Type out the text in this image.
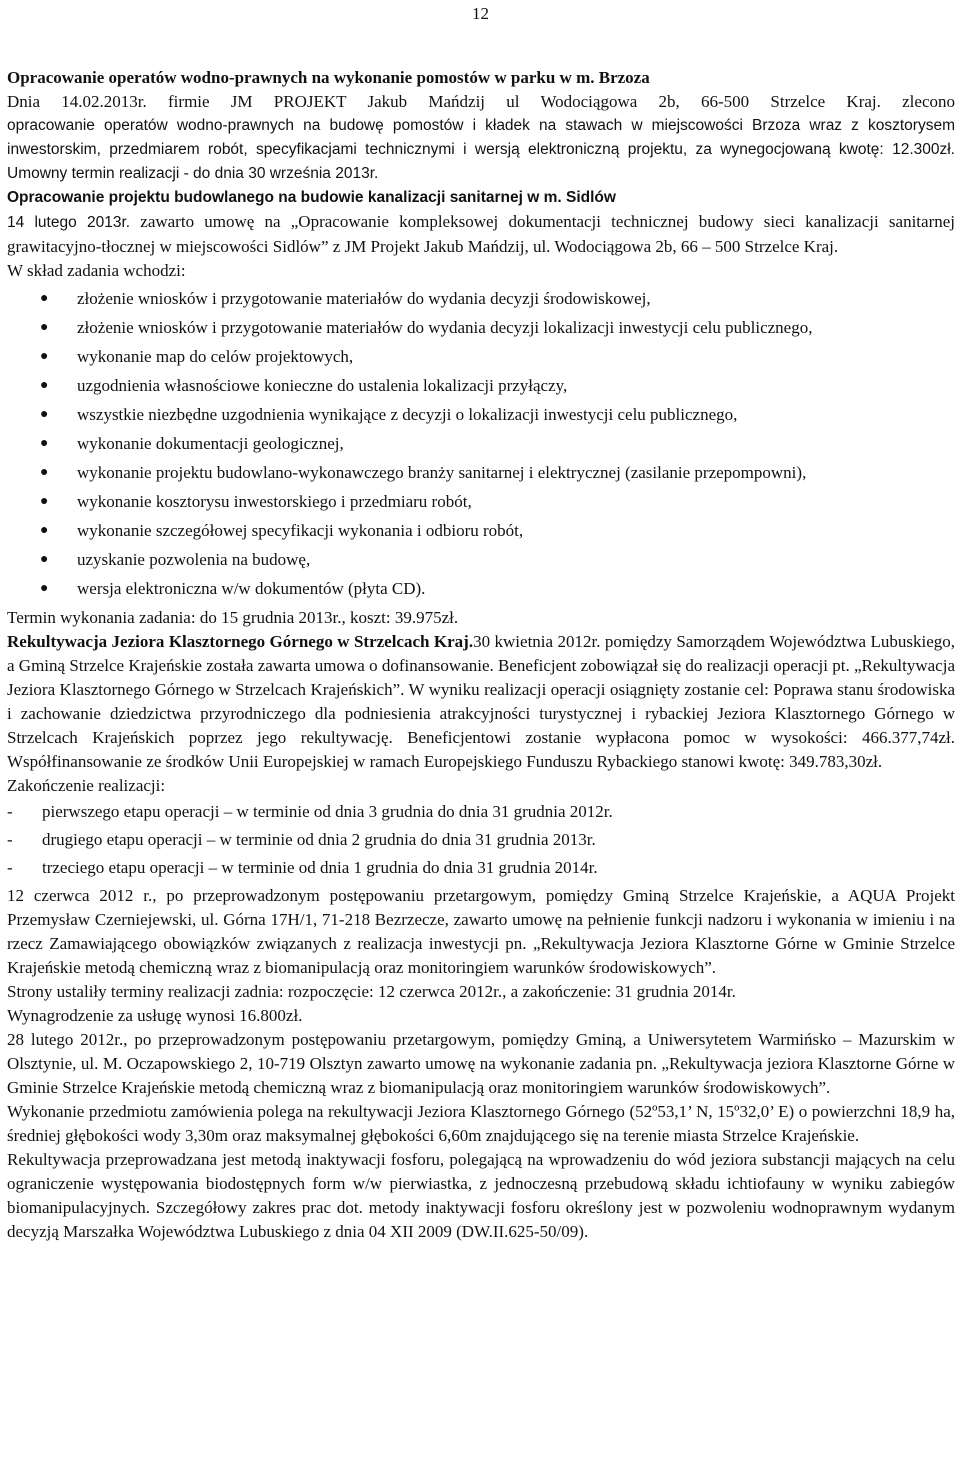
12

Opracowanie operatów wodno-prawnych na wykonanie pomostów w parku w m. Brzoza

Dnia 14.02.2013r. firmie JM PROJEKT Jakub Mańdzij ul Wodociągowa 2b, 66-500 Strzelce Kraj. zlecono

opracowanie operatów wodno-prawnych na budowę pomostów i kładek na stawach w miejscowości Brzoza wraz z kosztorysem inwestorskim, przedmiarem robót, specyfikacjami technicznymi i wersją elektroniczną projektu, za wynegocjowaną kwotę: 12.300zł. Umowny termin realizacji - do dnia 30 września 2013r.

Opracowanie projektu budowlanego na budowie kanalizacji sanitarnej w m. Sidlów

14 lutego 2013r. zawarto umowę na „Opracowanie kompleksowej dokumentacji technicznej budowy sieci kanalizacji sanitarnej grawitacyjno-tłocznej w miejscowości Sidlów” z JM Projekt Jakub Mańdzij, ul. Wodociągowa 2b, 66 – 500 Strzelce Kraj.

W skład zadania wchodzi:

● złożenie wniosków i przygotowanie materiałów do wydania decyzji środowiskowej,
● złożenie wniosków i przygotowanie materiałów do wydania decyzji lokalizacji inwestycji celu publicznego,
● wykonanie map do celów projektowych,
● uzgodnienia własnościowe konieczne do ustalenia lokalizacji przyłączy,
● wszystkie niezbędne uzgodnienia wynikające z decyzji o lokalizacji inwestycji celu publicznego,
● wykonanie dokumentacji geologicznej,
● wykonanie projektu budowlano-wykonawczego branży sanitarnej i elektrycznej (zasilanie przepompowni),
● wykonanie kosztorysu inwestorskiego i przedmiaru robót,
● wykonanie szczegółowej specyfikacji wykonania i odbioru robót,
● uzyskanie pozwolenia na budowę,
● wersja elektroniczna w/w dokumentów (płyta CD).

Termin wykonania zadania: do 15 grudnia 2013r., koszt: 39.975zł.

Rekultywacja Jeziora Klasztornego Górnego w Strzelcach Kraj.30 kwietnia 2012r. pomiędzy Samorządem Województwa Lubuskiego, a Gminą Strzelce Krajeńskie została zawarta umowa o dofinansowanie. Beneficjent zobowiązał się do realizacji operacji pt. „Rekultywacja Jeziora Klasztornego Górnego w Strzelcach Krajeńskich”. W wyniku realizacji operacji osiągnięty zostanie cel: Poprawa stanu środowiska i zachowanie dziedzictwa przyrodniczego dla podniesienia atrakcyjności turystycznej i rybackiej Jeziora Klasztornego Górnego w Strzelcach Krajeńskich poprzez jego rekultywację. Beneficjentowi zostanie wypłacona pomoc w wysokości: 466.377,74zł. Współfinansowanie ze środków Unii Europejskiej w ramach Europejskiego Funduszu Rybackiego stanowi kwotę: 349.783,30zł.

Zakończenie realizacji:

- pierwszego etapu operacji – w terminie od dnia 3 grudnia do dnia 31 grudnia 2012r.
- drugiego etapu operacji – w terminie od dnia 2 grudnia do dnia 31 grudnia 2013r.
- trzeciego etapu operacji – w terminie od dnia 1 grudnia do dnia 31 grudnia 2014r.

12 czerwca 2012 r., po przeprowadzonym postępowaniu przetargowym, pomiędzy Gminą Strzelce Krajeńskie, a AQUA Projekt Przemysław Czerniejewski, ul. Górna 17H/1, 71-218 Bezrzecze, zawarto umowę na pełnienie funkcji nadzoru i wykonania w imieniu i na rzecz Zamawiającego obowiązków związanych z realizacja inwestycji pn. „Rekultywacja Jeziora Klasztorne Górne w Gminie Strzelce Krajeńskie metodą chemiczną wraz z biomanipulacją oraz monitoringiem warunków środowiskowych”.

Strony ustaliły terminy realizacji zadnia: rozpoczęcie: 12 czerwca 2012r., a zakończenie: 31 grudnia 2014r.

Wynagrodzenie za usługę wynosi 16.800zł.

28 lutego 2012r., po przeprowadzonym postępowaniu przetargowym, pomiędzy Gminą, a Uniwersytetem Warmińsko – Mazurskim w Olsztynie, ul. M. Oczapowskiego 2, 10-719 Olsztyn zawarto umowę na wykonanie zadania pn. „Rekultywacja jeziora Klasztorne Górne w Gminie Strzelce Krajeńskie metodą chemiczną wraz z biomanipulacją oraz monitoringiem warunków środowiskowych”.

Wykonanie przedmiotu zamówienia polega na rekultywacji Jeziora Klasztornego Górnego (52º53,1’ N, 15º32,0’ E) o powierzchni 18,9 ha, średniej głębokości wody 3,30m oraz maksymalnej głębokości 6,60m znajdującego się na terenie miasta Strzelce Krajeńskie.

Rekultywacja przeprowadzana jest metodą inaktywacji fosforu, polegającą na wprowadzeniu do wód jeziora substancji mających na celu ograniczenie występowania biodostępnych form w/w pierwiastka, z jednoczesną przebudową składu ichtiofauny w wyniku zabiegów biomanipulacyjnych. Szczegółowy zakres prac dot. metody inaktywacji fosforu określony jest w pozwoleniu wodnoprawnym wydanym decyzją Marszałka Województwa Lubuskiego z dnia 04 XII 2009 (DW.II.625-50/09).
